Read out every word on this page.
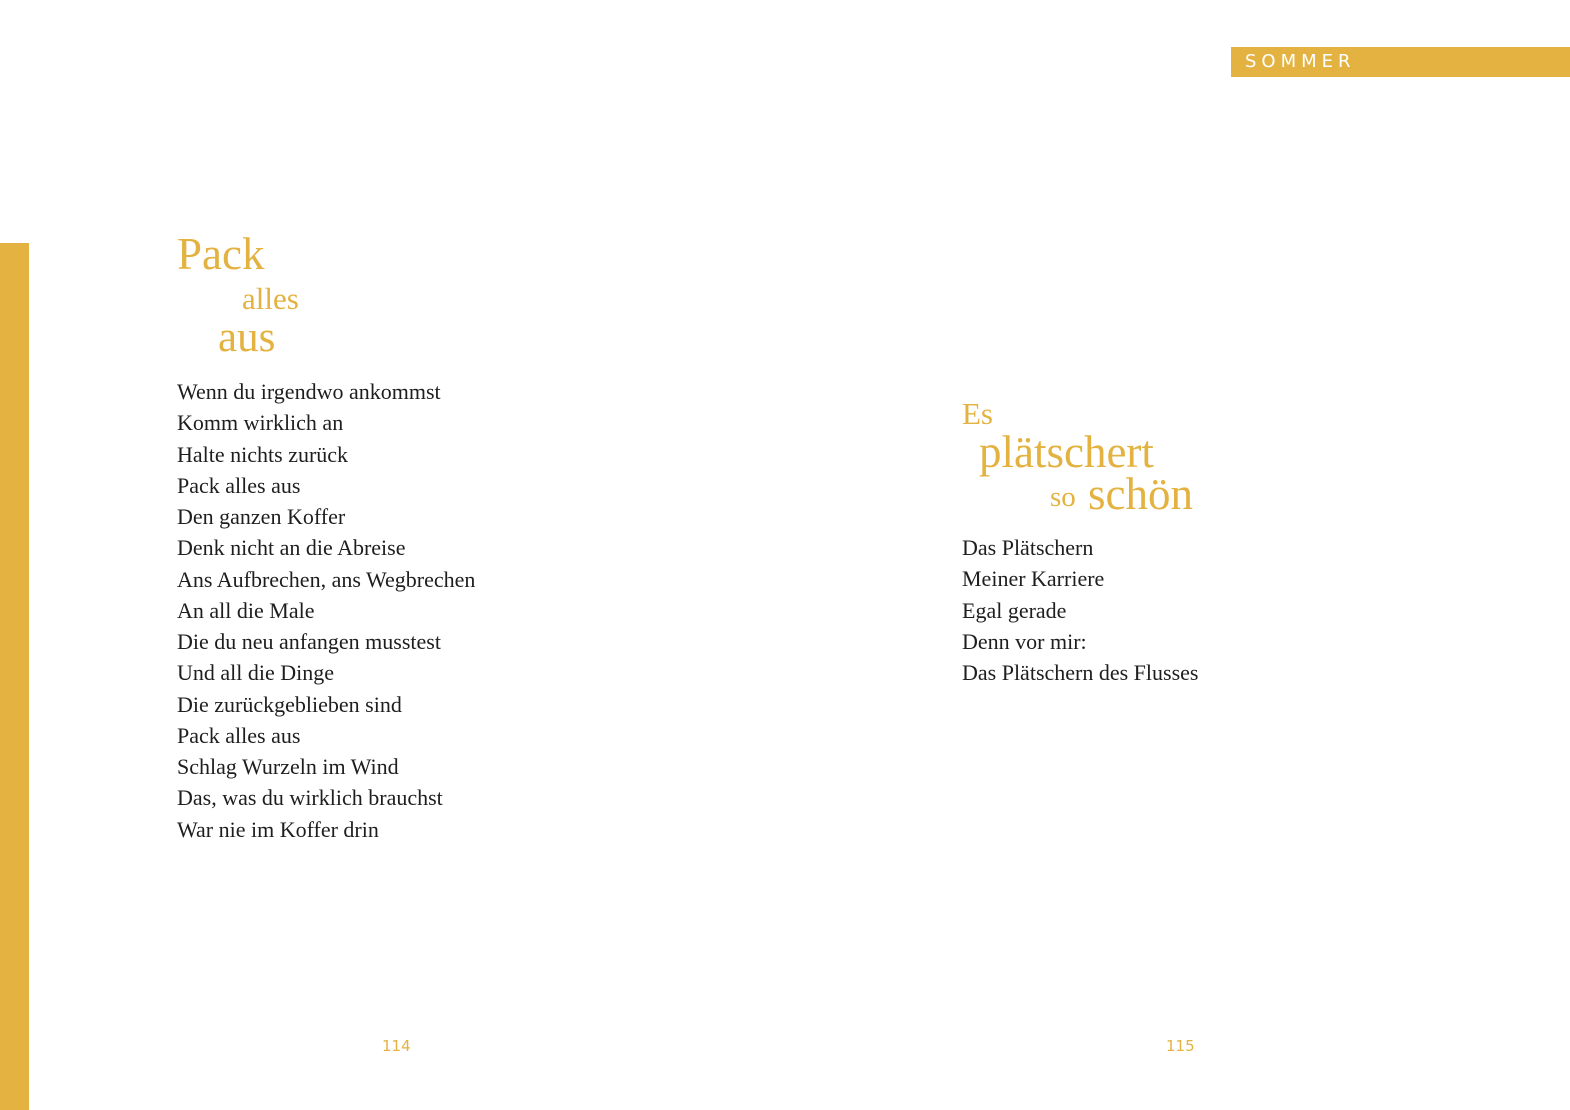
SOMMER
Pack
alles
aus
Wenn du irgendwo ankommst
Komm wirklich an
Halte nichts zurück
Pack alles aus
Den ganzen Koffer
Denk nicht an die Abreise
Ans Aufbrechen, ans Wegbrechen
An all die Male
Die du neu anfangen musstest
Und all die Dinge
Die zurückgeblieben sind
Pack alles aus
Schlag Wurzeln im Wind
Das, was du wirklich brauchst
War nie im Koffer drin
114
Es
plätschert
so schön
Das Plätschern
Meiner Karriere
Egal gerade
Denn vor mir:
Das Plätschern des Flusses
115
